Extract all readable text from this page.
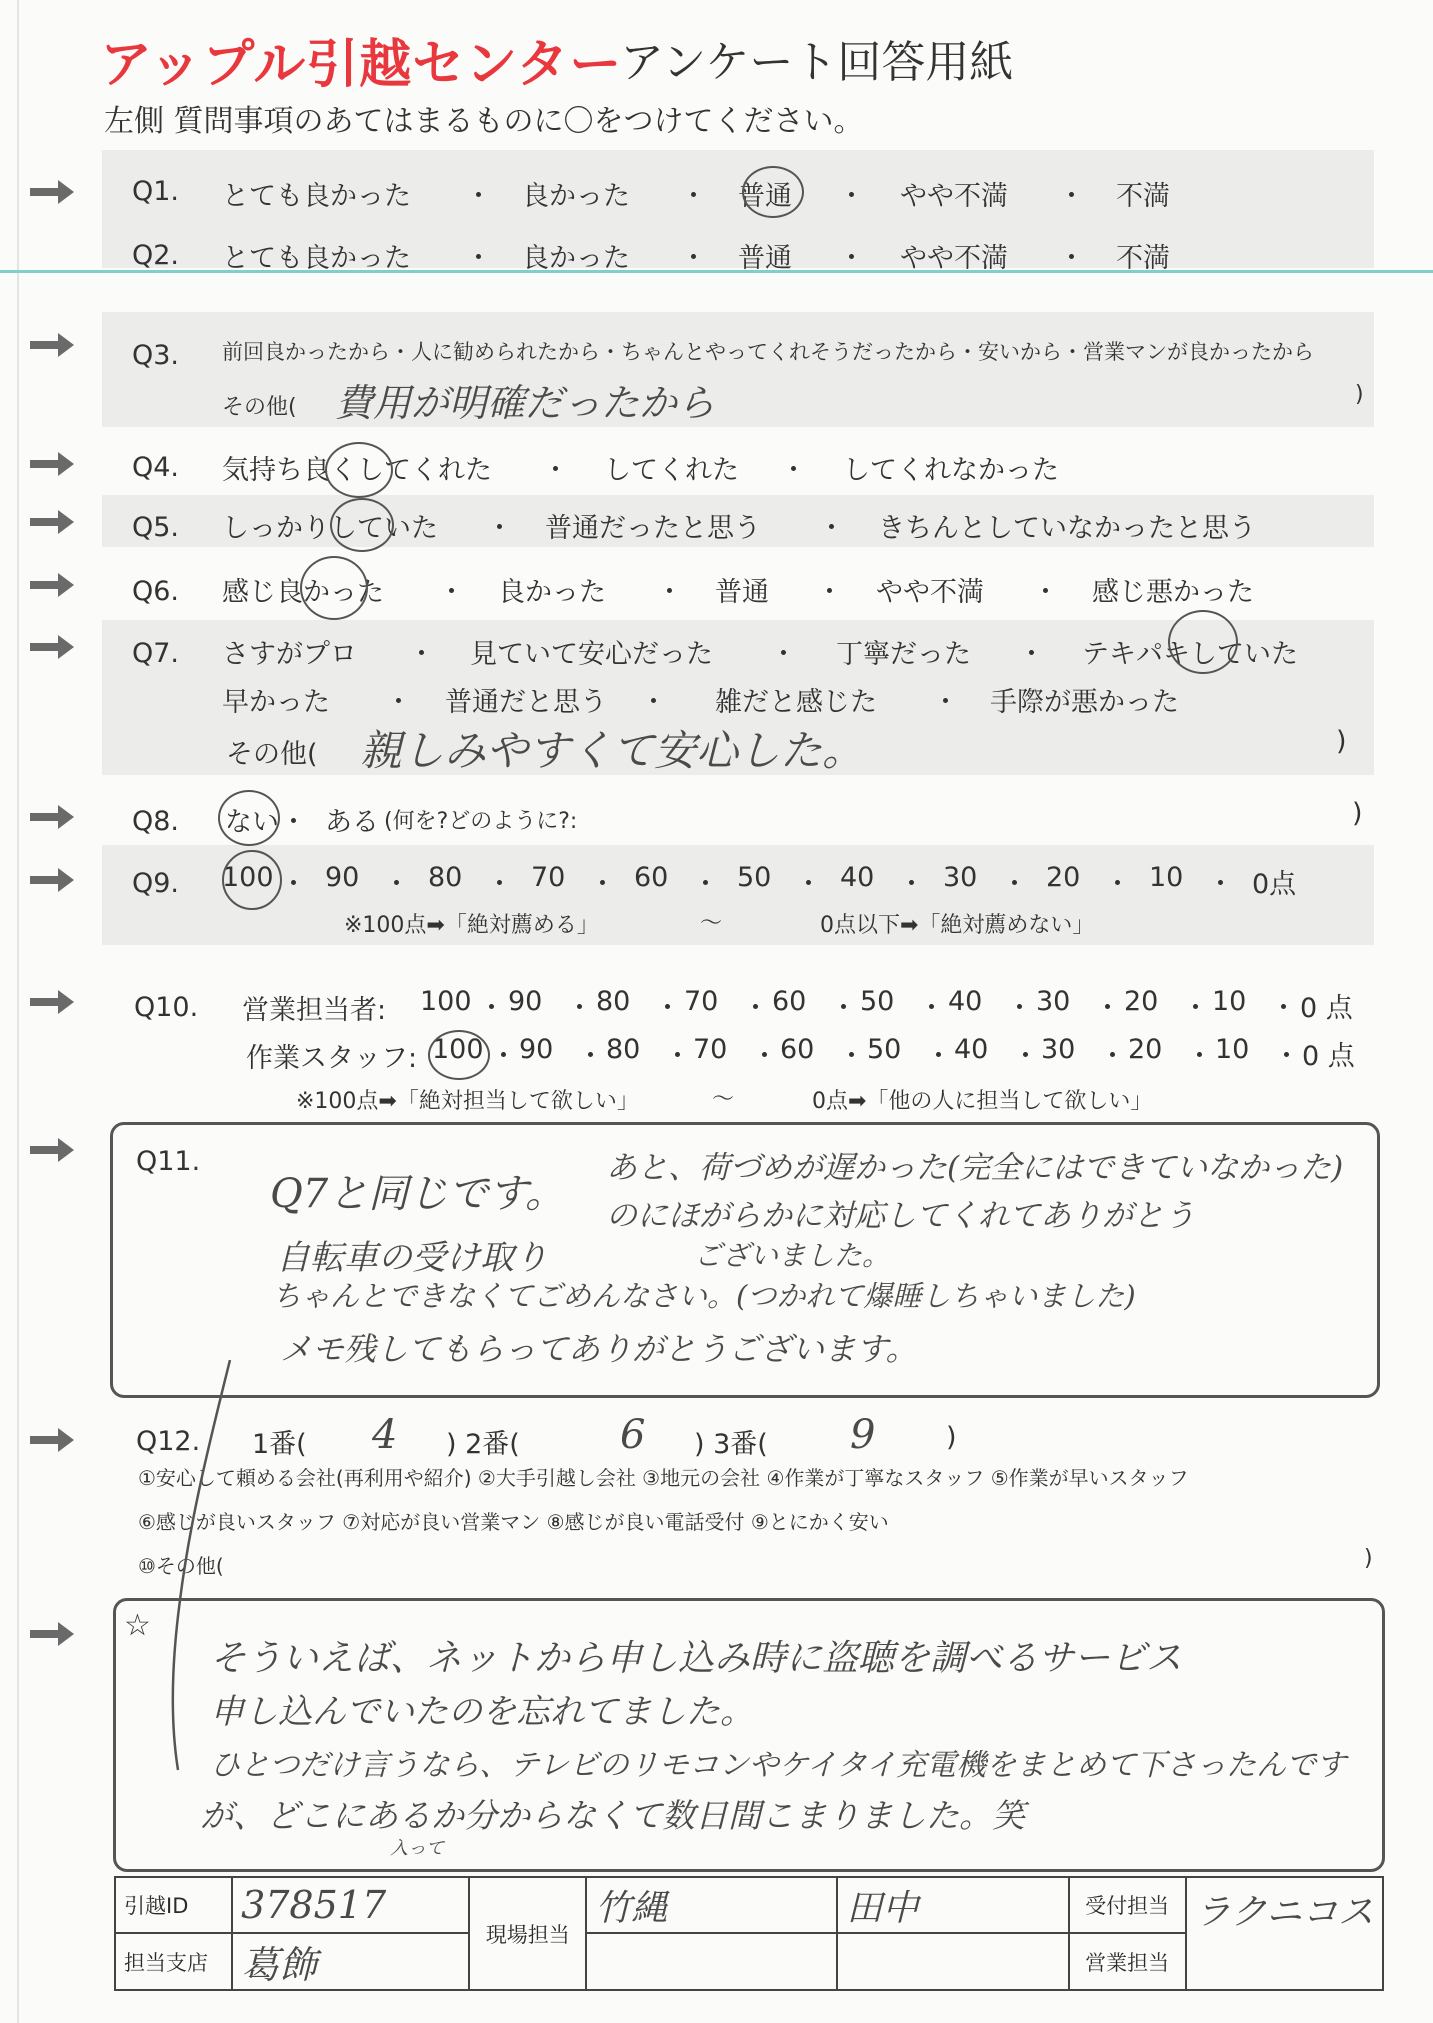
アップル引越センター
アンケート回答用紙
左側 質問事項のあてはまるものに〇をつけてください。
Q1. とても良かった ・ 良かった ・ 普通 ・ やや不満 ・ 不満
Q2. とても良かった ・ 良かった ・ 普通 ・ やや不満 ・ 不満
Q3. 前回良かったから・人に勧められたから・ちゃんとやってくれそうだったから・安いから・営業マンが良かったから
その他( 費用が明確だったから	)
Q4. 気持ち良くしてくれた ・ してくれた ・ してくれなかった
Q5. しっかりしていた ・ 普通だったと思う ・ きちんとしていなかったと思う
Q6. 感じ良かった ・ 良かった ・ 普通 ・ やや不満 ・ 感じ悪かった
Q7. さすがプロ ・ 見ていて安心だった ・ 丁寧だった ・ テキパキしていた
早かった ・ 普通だと思う ・ 雑だと感じた ・ 手際が悪かった
その他( 親しみやすくて安心した。	)
Q8. ない ・ ある (何を?どのように?:	)
Q9. 100 ・ 90 ・ 80 ・ 70 ・ 60 ・ 50 ・ 40 ・ 30 ・ 20 ・ 10 ・ 0点
※100点➡「絶対薦める」	〜	0点以下➡「絶対薦めない」
Q10. 営業担当者: 100 ・ 90 ・ 80 ・ 70 ・ 60 ・ 50 ・ 40 ・ 30 ・ 20 ・ 10 ・ 0 点
作業スタッフ: 100 ・ 90 ・ 80 ・ 70 ・ 60 ・ 50 ・ 40 ・ 30 ・ 20 ・ 10 ・ 0 点
※100点➡「絶対担当して欲しい」	〜	0点➡「他の人に担当して欲しい」
Q11.
Q7と同じです。
あと、荷づめが遅かった(完全にはできていなかった)
のにほがらかに対応してくれてありがとう
自転車の受け取り	ございました。
ちゃんとできなくてごめんなさい。(つかれて爆睡しちゃいました)
メモ残してもらってありがとうございます。
Q12. 1番( 4 ) 2番(	6 ) 3番( 9	)
①安心して頼める会社(再利用や紹介) ②大手引越し会社 ③地元の会社 ④作業が丁寧なスタッフ ⑤作業が早いスタッフ
⑥感じが良いスタッフ ⑦対応が良い営業マン ⑧感じが良い電話受付 ⑨とにかく安い
⑩その他(	)
☆
そういえば、ネットから申し込み時に盗聴を調べるサービス
申し込んでいたのを忘れてました。
ひとつだけ言うなら、テレビのリモコンやケイタイ充電機をまとめて下さったんです
が、どこにあるか分からなくて数日間こまりました。笑
入って
引越ID	378517	現場担当	竹縄	田中	受付担当	ラクニコス
担当支店	葛飾				営業担当	
